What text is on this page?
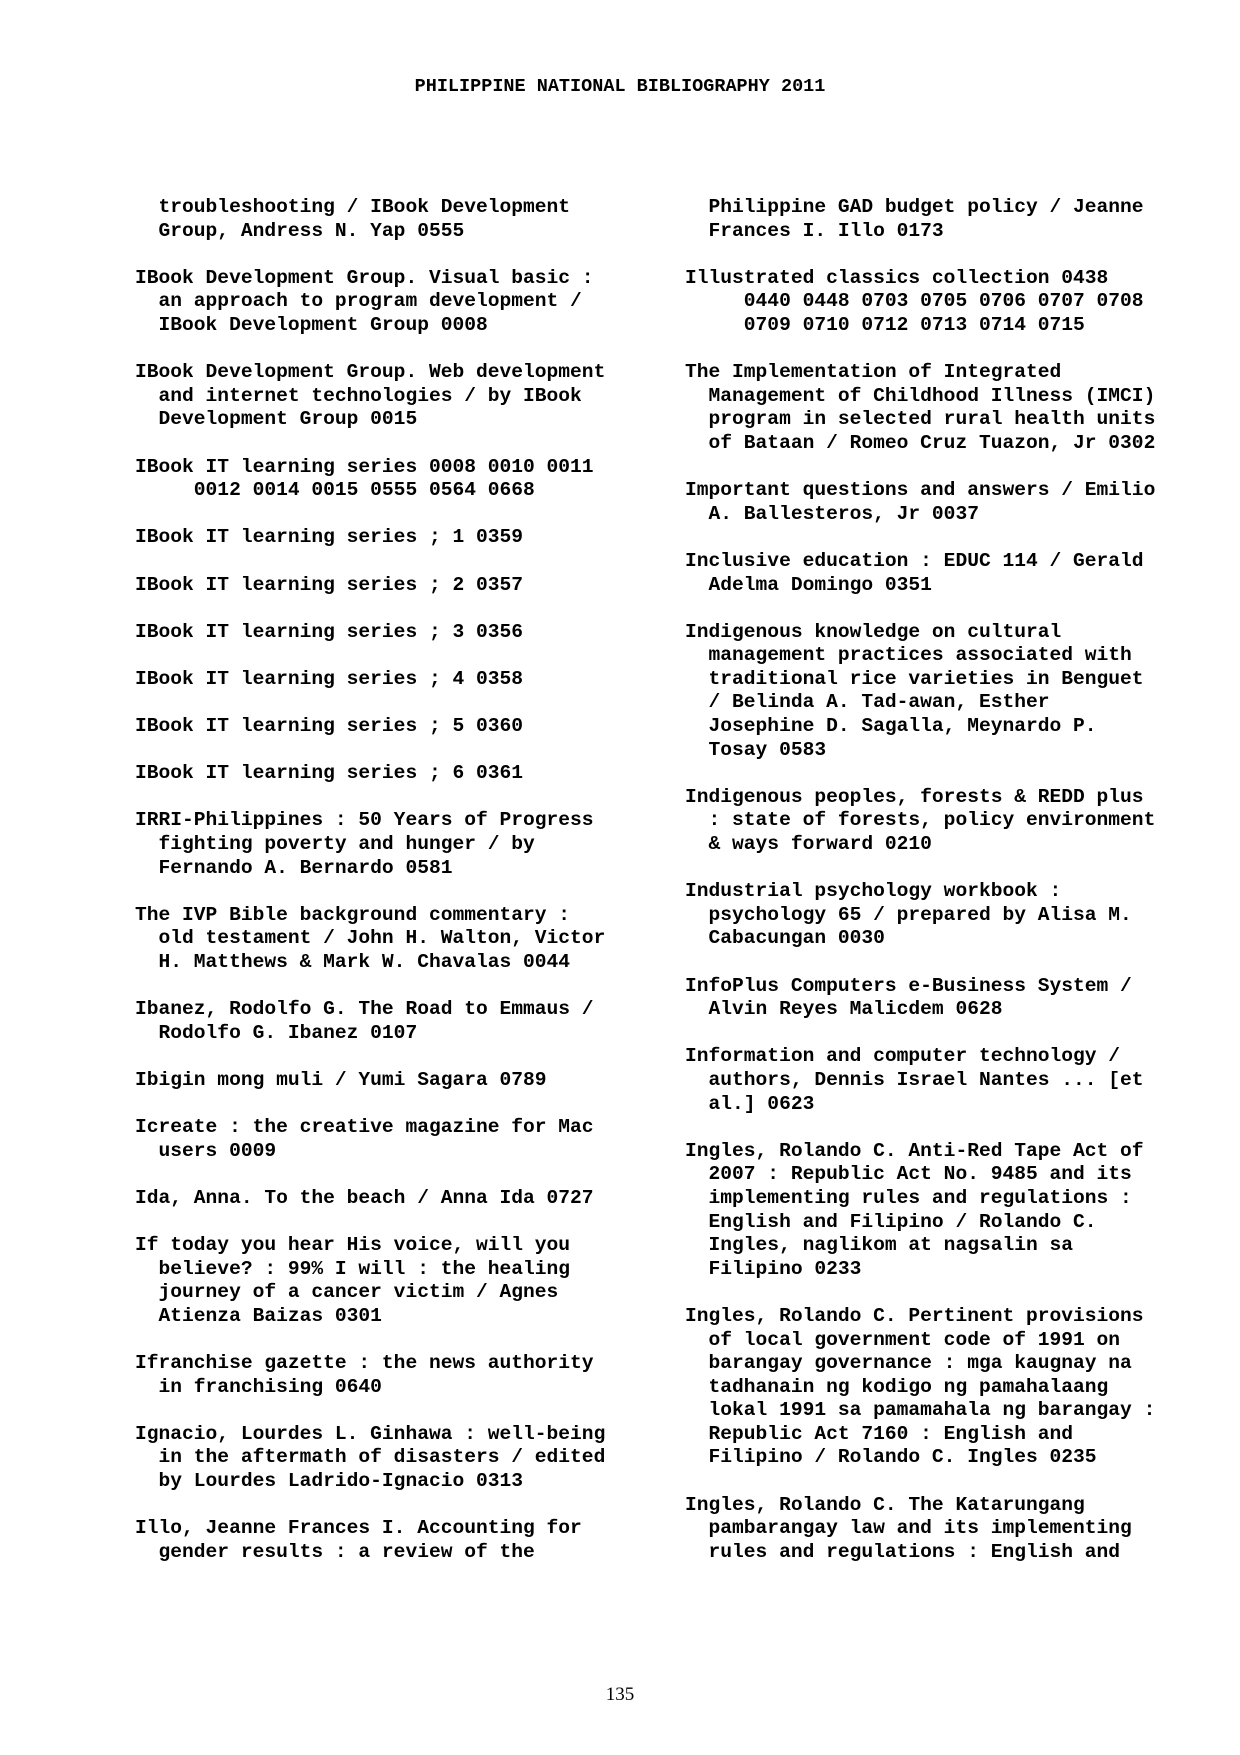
PHILIPPINE NATIONAL BIBLIOGRAPHY 2011
troubleshooting / IBook Development
Group, Andress N. Yap 0555
IBook Development Group. Visual basic :
an approach to program development /
IBook Development Group 0008
IBook Development Group. Web development
and internet technologies / by IBook
Development Group 0015
IBook IT learning series 0008 0010 0011
0012 0014 0015 0555 0564 0668
IBook IT learning series ; 1 0359
IBook IT learning series ; 2 0357
IBook IT learning series ; 3 0356
IBook IT learning series ; 4 0358
IBook IT learning series ; 5 0360
IBook IT learning series ; 6 0361
IRRI-Philippines : 50 Years of Progress
fighting poverty and hunger / by
Fernando A. Bernardo 0581
The IVP Bible background commentary :
old testament / John H. Walton, Victor
H. Matthews & Mark W. Chavalas 0044
Ibanez, Rodolfo G. The Road to Emmaus /
Rodolfo G. Ibanez 0107
Ibigin mong muli / Yumi Sagara 0789
Icreate : the creative magazine for Mac
users 0009
Ida, Anna. To the beach / Anna Ida 0727
If today you hear His voice, will you
believe? : 99% I will : the healing
journey of a cancer victim / Agnes
Atienza Baizas 0301
Ifranchise gazette : the news authority
in franchising 0640
Ignacio, Lourdes L. Ginhawa : well-being
in the aftermath of disasters / edited
by Lourdes Ladrido-Ignacio 0313
Illo, Jeanne Frances I. Accounting for
gender results : a review of the
Philippine GAD budget policy / Jeanne
Frances I. Illo 0173
Illustrated classics collection 0438
0440 0448 0703 0705 0706 0707 0708
0709 0710 0712 0713 0714 0715
The Implementation of Integrated
Management of Childhood Illness (IMCI)
program in selected rural health units
of Bataan / Romeo Cruz Tuazon, Jr 0302
Important questions and answers / Emilio
A. Ballesteros, Jr 0037
Inclusive education : EDUC 114 / Gerald
Adelma Domingo 0351
Indigenous knowledge on cultural
management practices associated with
traditional rice varieties in Benguet
/ Belinda A. Tad-awan, Esther
Josephine D. Sagalla, Meynardo P.
Tosay 0583
Indigenous peoples, forests & REDD plus
: state of forests, policy environment
& ways forward 0210
Industrial psychology workbook :
psychology 65 / prepared by Alisa M.
Cabacungan 0030
InfoPlus Computers e-Business System /
Alvin Reyes Malicdem 0628
Information and computer technology /
authors, Dennis Israel Nantes ... [et
al.] 0623
Ingles, Rolando C. Anti-Red Tape Act of
2007 : Republic Act No. 9485 and its
implementing rules and regulations :
English and Filipino / Rolando C.
Ingles, naglikom at nagsalin sa
Filipino 0233
Ingles, Rolando C. Pertinent provisions
of local government code of 1991 on
barangay governance : mga kaugnay na
tadhanain ng kodigo ng pamahalaang
lokal 1991 sa pamamahala ng barangay :
Republic Act 7160 : English and
Filipino / Rolando C. Ingles 0235
Ingles, Rolando C. The Katarungang
pambarangay law and its implementing
rules and regulations : English and
135
